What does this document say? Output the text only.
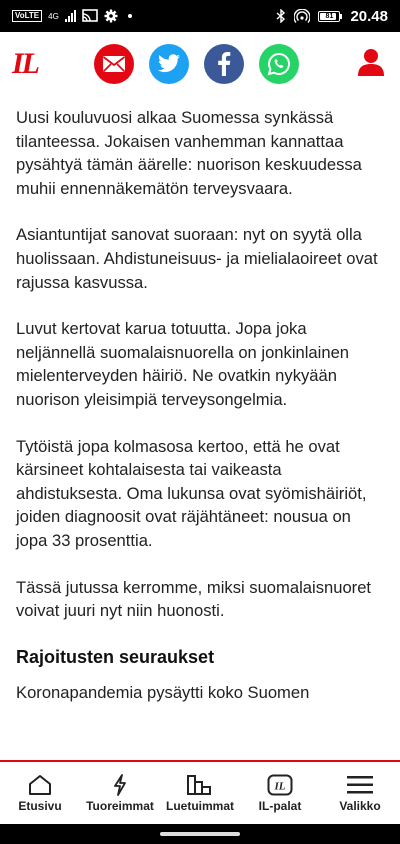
VoLTE	4G	81 20.48
IL

Uusi kouluvuosi alkaa Suomessa synkässä tilanteessa. Jokaisen vanhemman kannattaa pysähtyä tämän äärelle: nuorison keskuudessa muhii ennennäkemätön terveysvaara.

Asiantuntijat sanovat suoraan: nyt on syytä olla huolissaan. Ahdistuneisuus- ja mielialaoireet ovat rajussa kasvussa.

Luvut kertovat karua totuutta. Jopa joka neljännellä suomalaisnuorella on jonkinlainen mielenterveyden häiriö. Ne ovatkin nykyään nuorison yleisimpiä terveysongelmia.

Tytöistä jopa kolmasosa kertoo, että he ovat kärsineet kohtalaisesta tai vaikeasta ahdistuksesta. Oma lukunsa ovat syömishäiriöt, joiden diagnoosit ovat räjähtäneet: nousua on jopa 33 prosenttia.

Tässä jutussa kerromme, miksi suomalaisnuoret voivat juuri nyt niin huonosti.

Rajoitusten seuraukset

Koronapandemia pysäytti koko Suomen

Etusivu Tuoreimmat Luetuimmat
IL
IL-palat	Valikko
